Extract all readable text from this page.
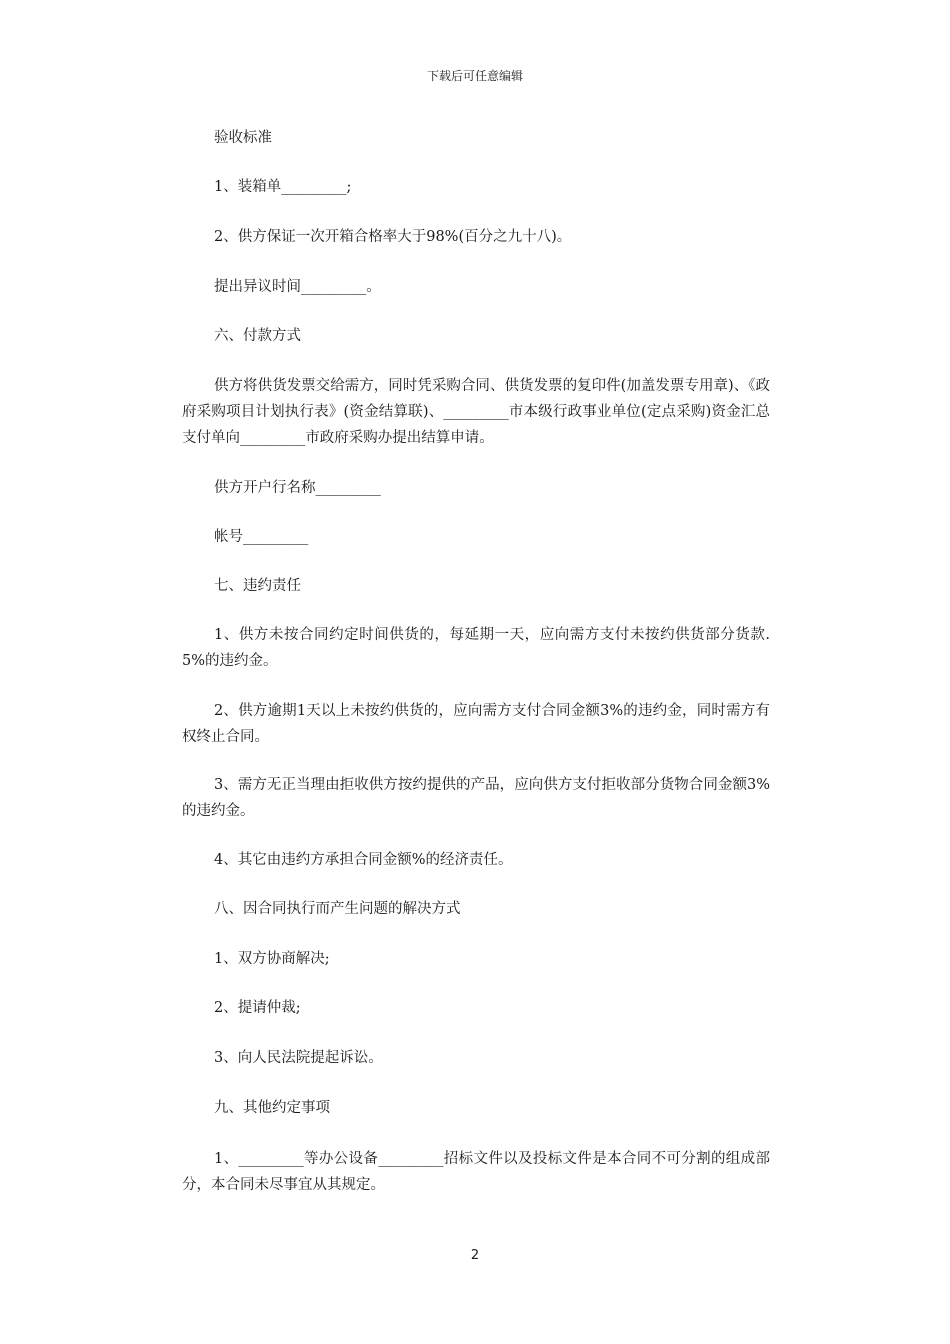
下载后可任意编辑

验收标准

1、装箱单_________;

2、供方保证一次开箱合格率大于98%(百分之九十八)。

提出异议时间_________。

六、付款方式

供方将供货发票交给需方，同时凭采购合同、供货发票的复印件(加盖发票专用章)、《政府采购项目计划执行表》(资金结算联)、_________市本级行政事业单位(定点采购)资金汇总支付单向_________市政府采购办提出结算申请。

供方开户行名称_________

帐号_________

七、违约责任

1、供方未按合同约定时间供货的，每延期一天，应向需方支付未按约供货部分货款.5%的违约金。

2、供方逾期1天以上未按约供货的，应向需方支付合同金额3%的违约金，同时需方有权终止合同。

3、需方无正当理由拒收供方按约提供的产品，应向供方支付拒收部分货物合同金额3%的违约金。

4、其它由违约方承担合同金额%的经济责任。

八、因合同执行而产生问题的解决方式

1、双方协商解决;

2、提请仲裁;

3、向人民法院提起诉讼。

九、其他约定事项

1、_________等办公设备_________招标文件以及投标文件是本合同不可分割的组成部分，本合同未尽事宜从其规定。

2
